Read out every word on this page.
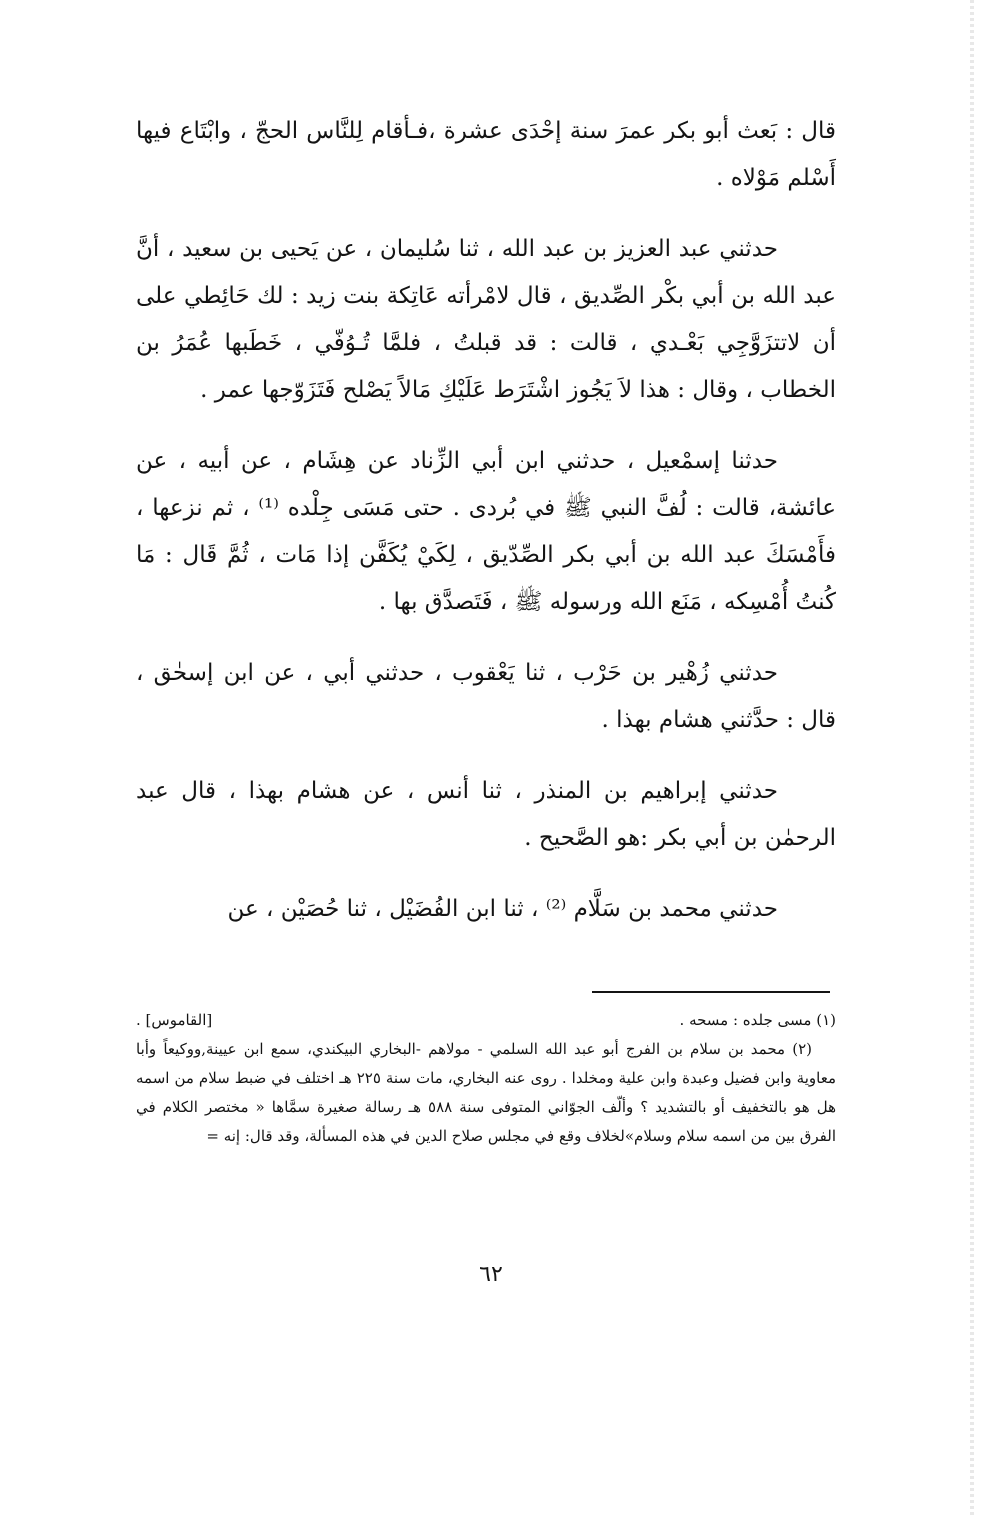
قال : بَعث أبو بكر عمرَ سنة إحْدَى عشرة ،فـأقام لِلنَّاس الحجّ ، وابْتَاع فيها أَسْلم مَوْلاه .

حدثني عبد العزيز بن عبد الله ، ثنا سُليمان ، عن يَحيى بن سعيد ، أنَّ عبد الله بن أبي بكْر الصِّديق ، قال لامْرأته عَاتِكة بنت زيد : لك حَائِطي على أن لاتتزَوَّجِي بَعْـدي ، قالت : قد قبلتُ ، فلمَّا تُـوُفّي ، خَطَبها عُمَرُ بن الخطاب ، وقال : هذا لاَ يَجُوز اشْتَرَط عَلَيْكِ مَالاً يَصْلح فَتَزَوّجها عمر .

حدثنا إسمْعيل ، حدثني ابن أبي الزِّناد عن هِشَام ، عن أبيه ، عن عائشة، قالت : لُفَّ النبي ﷺ في بُردى . حتى مَسَى جِلْده ⁽¹⁾ ، ثم نزعها ، فأَمْسَكَ عبد الله بن أبي بكر الصِّدّيق ، لِكَيْ يُكَفَّن إذا مَات ، ثُمَّ قَال : مَا كُنتُ أُمْسِكه ، مَنَع الله ورسوله ﷺ ، فَتَصدَّق بها .

حدثني زُهْير بن حَرْب ، ثنا يَعْقوب ، حدثني أبي ، عن ابن إسحٰق ، قال : حدَّثني هشام بهذا .

حدثني إبراهيم بن المنذر ، ثنا أنس ، عن هشام بهذا ، قال عبد الرحمٰن بن أبي بكر :هو الصَّحيح .

حدثني محمد بن سَلَّام ⁽²⁾ ، ثنا ابن الفُضَيْل ، ثنا حُصَيْن ، عن

(١) مسى جلده : مسحه .
[القاموس] .

(٢) محمد بن سلام بن الفرج أبو عبد الله السلمي - مولاهم -البخاري البيكندي، سمع ابن عيينة,ووكيعاً وأبا معاوية وابن فضيل وعبدة وابن علية ومخلدا . روى عنه البخاري، مات سنة ٢٢٥ هـ اختلف في ضبط سلام من اسمه هل هو بالتخفيف أو بالتشديد ؟ وألّف الجوّاني المتوفى سنة ٥٨٨ هـ رسالة صغيرة سمَّاها « مختصر الكلام في الفرق بين من اسمه سلام وسلام»لخلاف وقع في مجلس صلاح الدين في هذه المسألة، وقد قال: إنه =

٦٢
